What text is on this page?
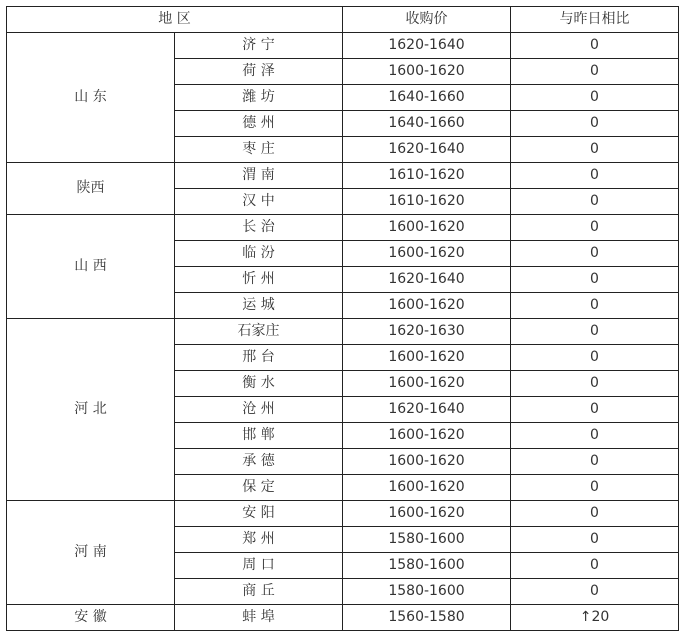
地 区		收购价	与昨日相比
山 东	济 宁	1620-1640	0
	荷 泽	1600-1620	0
	潍 坊	1640-1660	0
	德 州	1640-1660	0
	枣 庄	1620-1640	0
陕西	渭 南	1610-1620	0
	汉 中	1610-1620	0
山 西	长 治	1600-1620	0
	临 汾	1600-1620	0
	忻 州	1620-1640	0
	运 城	1600-1620	0
河 北	石家庄	1620-1630	0
	邢 台	1600-1620	0
	衡 水	1600-1620	0
	沧 州	1620-1640	0
	邯 郸	1600-1620	0
	承 德	1600-1620	0
	保 定	1600-1620	0
河 南	安 阳	1600-1620	0
	郑 州	1580-1600	0
	周 口	1580-1600	0
	商 丘	1580-1600	0
安 徽	蚌 埠	1560-1580	↑20
